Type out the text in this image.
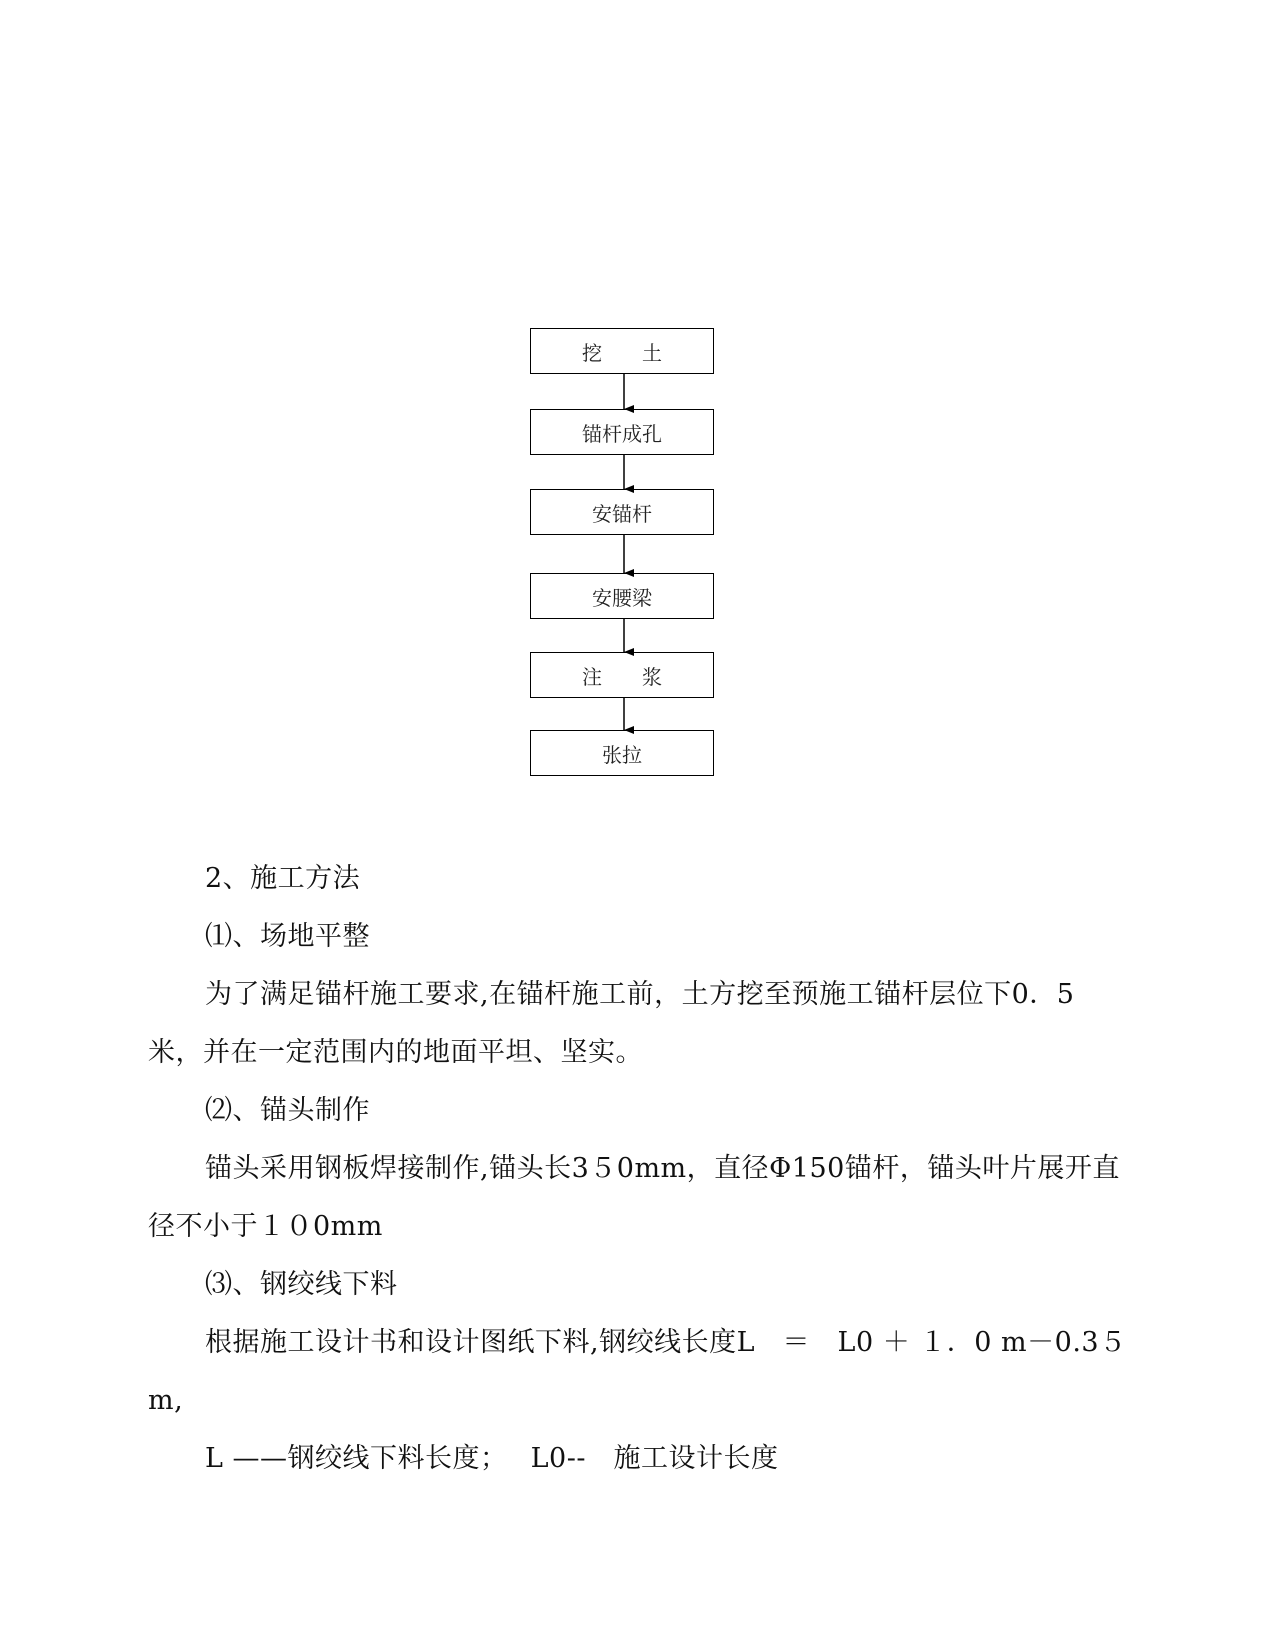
挖　　土
锚杆成孔
安锚杆
安腰梁
注　　浆
张拉
2、施工方法
⑴、场地平整
为了满足锚杆施工要求,在锚杆施工前，土方挖至预施工锚杆层位下0．5
米，并在一定范围内的地面平坦、坚实。
⑵、锚头制作
锚头采用钢板焊接制作,锚头长3５0mm，直径Φ150锚杆，锚头叶片展开直
径不小于１０0mm
⑶、钢绞线下料
根据施工设计书和设计图纸下料,钢绞线长度L　＝　L0 ＋ １．0 m－0.3５
m,
L ——钢绞线下料长度；　 L0--　施工设计长度
